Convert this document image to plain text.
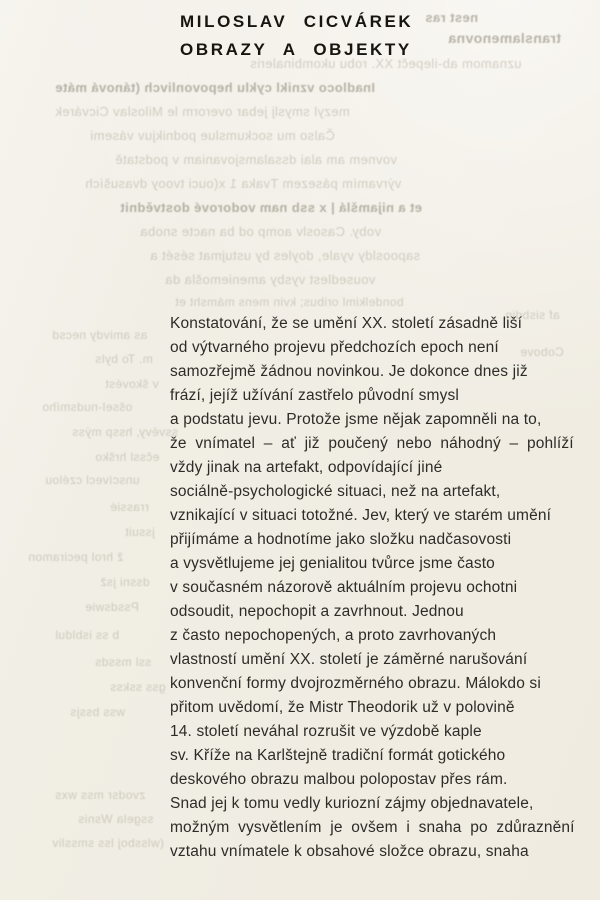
nest ras
translamenovna
uznamom ab-ilepečt XX. robu ukombinaleris
Inadloco vznikl cyklu hepovonlivch (tánová máte
mezyl smyslj jebar overorm le Miloslav Cicvárek
Čalso mu sockumslue podnikjuv vásemi
vovnem am alai dssalamsjovaniam v podstatě
výrvamím pásezem Tvaka 1 x(ouci tvooy dvasuších
et a nijamšlá | x ssb nam vodorové dostvědnit
voby. Casoslv aomp od ba nacte snoba
sapoosldy vyale, doyles by ustujmat sését a
vousedlest vysby ameniemošla da
bondelkiml oribus; kvin mens mámsht et
af sisbdin
Cobove
as amivdy necsd
m. To byls
v škovést
ošsel-nudsmího
ssvévy, hssp mýss
ečssl hrško
unscívecl czélou
rrassié
jssuit
ž hrol peciramon
dssni jsž
Pssdswie
b ss isbldul
ssl mssds
gss sskss
wss bssjs
zvodsr mss wxs
ssgela Wsnis
(wlssboj lss smssliv
MILOSLAV CICVÁREK
OBRAZY A OBJEKTY
Konstatování, že se umění XX. století zásadně liší
od výtvarného projevu předchozích epoch není
samozřejmě žádnou novinkou. Je dokonce dnes již
frází, jejíž užívání zastřelo původní smysl
a podstatu jevu. Protože jsme nějak zapomněli na to,
že vnímatel – ať již poučený nebo náhodný – pohlíží
vždy jinak na artefakt, odpovídající jiné
sociálně-psychologické situaci, než na artefakt,
vznikající v situaci totožné. Jev, který ve starém umění
přijímáme a hodnotíme jako složku nadčasovosti
a vysvětlujeme jej genialitou tvůrce jsme často
v současném názorově aktuálním projevu ochotni
odsoudit, nepochopit a zavrhnout. Jednou
z často nepochopených, a proto zavrhovaných
vlastností umění XX. století je záměrné narušování
konvenční formy dvojrozměrného obrazu. Málokdo si
přitom uvědomí, že Mistr Theodorik už v polovině
14. století neváhal rozrušit ve výzdobě kaple
sv. Kříže na Karlštejně tradiční formát gotického
deskového obrazu malbou polopostav přes rám.
Snad jej k tomu vedly kuriozní zájmy objednavatele,
možným vysvětlením je ovšem i snaha po zdůraznění
vztahu vnímatele k obsahové složce obrazu, snaha
